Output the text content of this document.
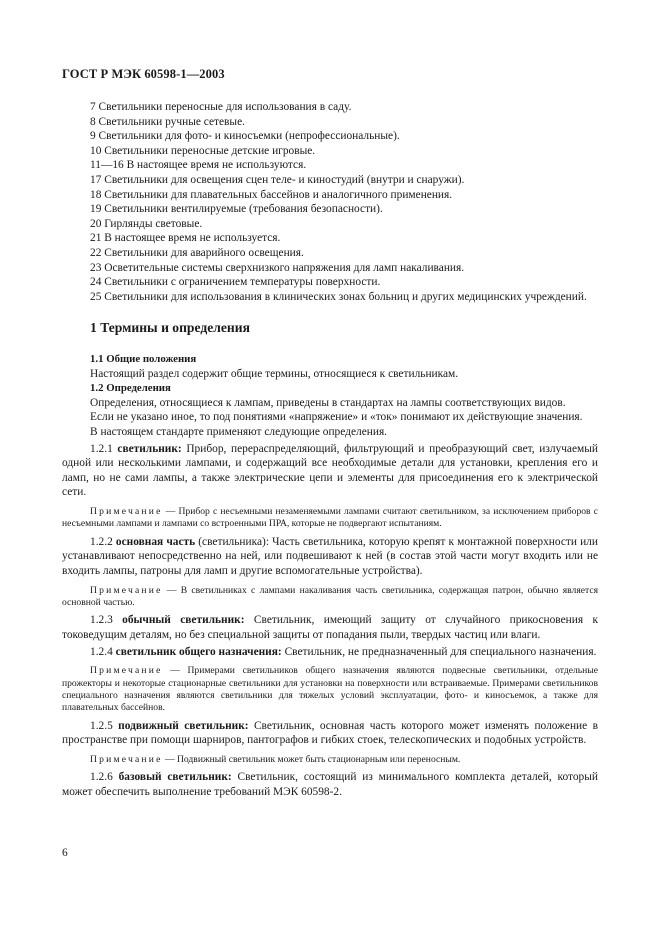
ГОСТ Р МЭК 60598-1—2003
7 Светильники переносные для использования в саду.
8 Светильники ручные сетевые.
9 Светильники для фото- и киносъемки (непрофессиональные).
10 Светильники переносные детские игровые.
11—16 В настоящее время не используются.
17 Светильники для освещения сцен теле- и киностудий (внутри и снаружи).
18 Светильники для плавательных бассейнов и аналогичного применения.
19 Светильники вентилируемые (требования безопасности).
20 Гирлянды световые.
21 В настоящее время не используется.
22 Светильники для аварийного освещения.
23 Осветительные системы сверхнизкого напряжения для ламп накаливания.
24 Светильники с ограничением температуры поверхности.
25 Светильники для использования в клинических зонах больниц и других медицинских учреждений.
1 Термины и определения

1.1 Общие положения

Настоящий раздел содержит общие термины, относящиеся к светильникам.

1.2 Определения

Определения, относящиеся к лампам, приведены в стандартах на лампы соответствующих видов.

Если не указано иное, то под понятиями «напряжение» и «ток» понимают их действующие значения.

В настоящем стандарте применяют следующие определения.

1.2.1 светильник: Прибор, перераспределяющий, фильтрующий и преобразующий свет, излучаемый одной или несколькими лампами, и содержащий все необходимые детали для установки, крепления его и ламп, но не сами лампы, а также электрические цепи и элементы для присоединения его к электрической сети.

Примечание — Прибор с несъемными незаменяемыми лампами считают светильником, за исключением приборов с несъемными лампами и лампами со встроенными ПРА, которые не подвергают испытаниям.

1.2.2 основная часть (светильника): Часть светильника, которую крепят к монтажной поверхности или устанавливают непосредственно на ней, или подвешивают к ней (в состав этой части могут входить или не входить лампы, патроны для ламп и другие вспомогательные устройства).

Примечание — В светильниках с лампами накаливания часть светильника, содержащая патрон, обычно является основной частью.

1.2.3 обычный светильник: Светильник, имеющий защиту от случайного прикосновения к токоведущим деталям, но без специальной защиты от попадания пыли, твердых частиц или влаги.

1.2.4 светильник общего назначения: Светильник, не предназначенный для специального назначения.

Примечание — Примерами светильников общего назначения являются подвесные светильники, отдельные прожекторы и некоторые стационарные светильники для установки на поверхности или встраиваемые. Примерами светильников специального назначения являются светильники для тяжелых условий эксплуатации, фото- и киносъемок, а также для плавательных бассейнов.

1.2.5 подвижный светильник: Светильник, основная часть которого может изменять положение в пространстве при помощи шарниров, пантографов и гибких стоек, телескопических и подобных устройств.

Примечание — Подвижный светильник может быть стационарным или переносным.

1.2.6 базовый светильник: Светильник, состоящий из минимального комплекта деталей, который может обеспечить выполнение требований МЭК 60598-2.

6
